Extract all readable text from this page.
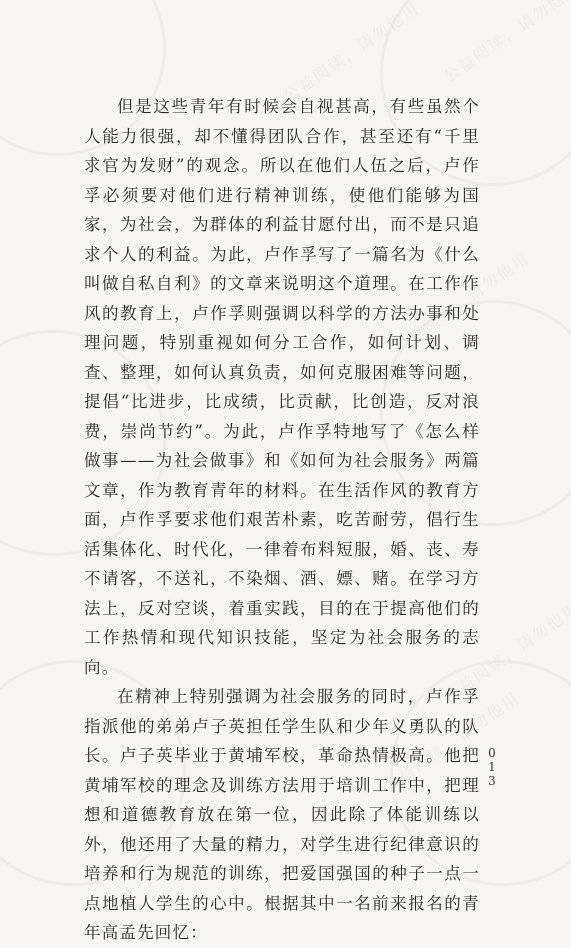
但是这些青年有时候会自视甚高，有些虽然个人能力很强，却不懂得团队合作，甚至还有“千里求官为发财”的观念。所以在他们人伍之后，卢作孚必须要对他们进行精神训练，使他们能够为国家，为社会，为群体的利益甘愿付出，而不是只追求个人的利益。为此，卢作孚写了一篇名为《什么叫做自私自利》的文章来说明这个道理。在工作作风的教育上，卢作孚则强调以科学的方法办事和处理问题，特别重视如何分工合作，如何计划、调查、整理，如何认真负责，如何克服困难等问题，提倡“比进步，比成绩，比贡献，比创造，反对浪费，崇尚节约”。为此，卢作孚特地写了《怎么样做事——为社会做事》和《如何为社会服务》两篇文章，作为教育青年的材料。在生活作风的教育方面，卢作孚要求他们艰苦朴素，吃苦耐劳，倡行生活集体化、时代化，一律着布料短服，婚、丧、寿不请客，不送礼，不染烟、酒、嫖、赌。在学习方法上，反对空谈，着重实践，目的在于提高他们的工作热情和现代知识技能，坚定为社会服务的志向。

在精神上特别强调为社会服务的同时，卢作孚指派他的弟弟卢子英担任学生队和少年义勇队的队长。卢子英毕业于黄埔军校，革命热情极高。他把黄埔军校的理念及训练方法用于培训工作中，把理想和道德教育放在第一位，因此除了体能训练以外，他还用了大量的精力，对学生进行纪律意识的培养和行为规范的训练，把爱国强国的种子一点一点地植人学生的心中。根据其中一名前来报名的青年高孟先回忆：

013
